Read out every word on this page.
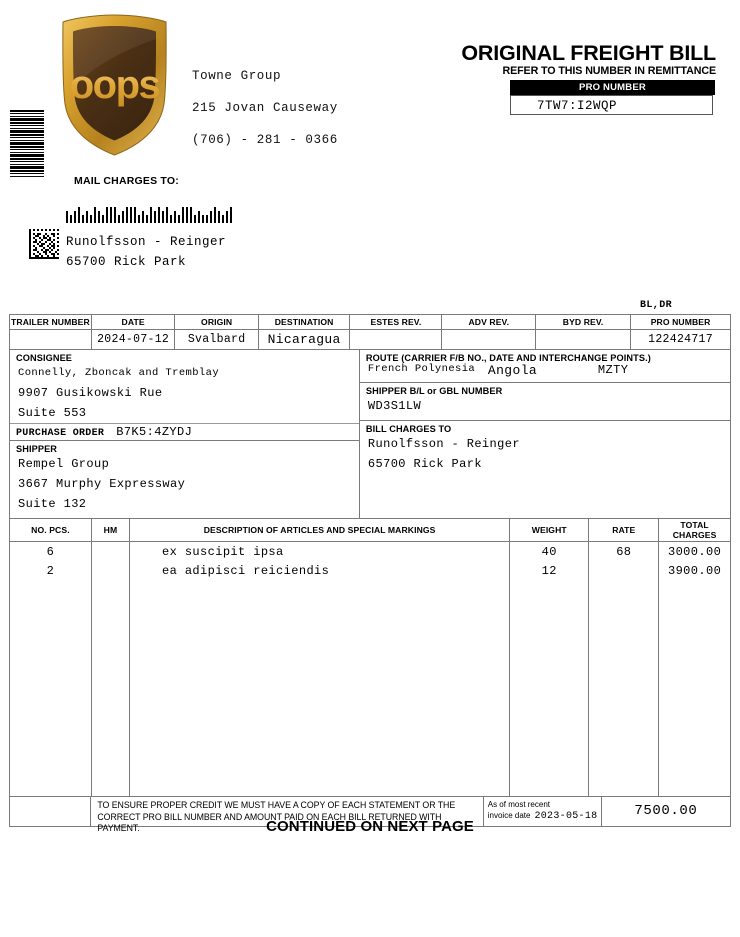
oops	Towne Group
215 Jovan Causeway
(706) - 281 - 0366
ORIGINAL FREIGHT BILL
REFER TO THIS NUMBER IN REMITTANCE
PRO NUMBER
7TW7:I2WQP
MAIL CHARGES TO:
Runolfsson - Reinger
65700 Rick Park
BL,DR
TRAILER NUMBER	DATE	ORIGIN	DESTINATION	ESTES REV.	ADV REV.	BYD REV.	PRO NUMBER
	2024-07-12	Svalbard	Nicaragua				122424717
CONSIGNEE
Connelly, Zboncak and Tremblay
9907 Gusikowski Rue
Suite 553
PURCHASE ORDER B7K5:4ZYDJ
SHIPPER
Rempel Group
3667 Murphy Expressway
Suite 132
ROUTE (CARRIER F/B NO., DATE AND INTERCHANGE POINTS.)
French Polynesia Angola	MZTY
SHIPPER B/L or GBL NUMBER
WD3S1LW
BILL CHARGES TO
Runolfsson - Reinger
65700 Rick Park
NO. PCS.	HM	DESCRIPTION OF ARTICLES AND SPECIAL MARKINGS	WEIGHT	RATE	TOTAL CHARGES
6		ex suscipit ipsa	40	68	3000.00
2		ea adipisci reiciendis	12		3900.00

TO ENSURE PROPER CREDIT WE MUST HAVE A COPY OF EACH STATEMENT OR THE
CORRECT PRO BILL NUMBER AND AMOUNT PAID ON EACH BILL RETURNED WITH PAYMENT.
As of most recent
invoice date 2023-05-18	7500.00
CONTINUED ON NEXT PAGE
